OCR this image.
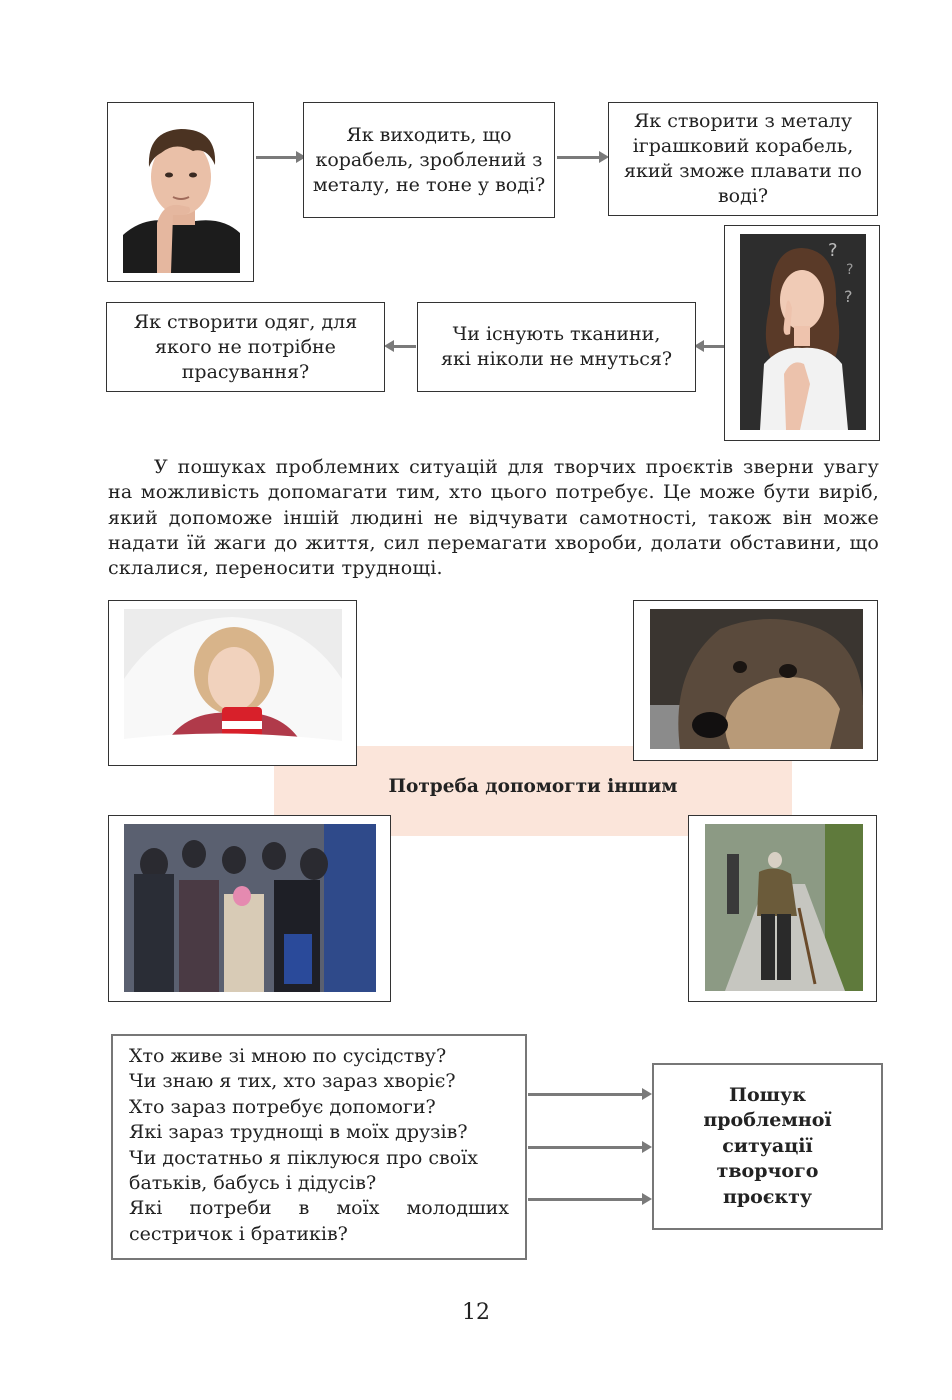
Як виходить, що корабель, зроблений з металу, не тоне у воді?
Як створити з металу іграшковий корабель, який зможе плавати по воді?
?
?
?
Чи існують тканини, які ніколи не мнуться?
Як створити одяг, для якого не потрібне прасування?
У пошуках проблемних ситуацій для творчих проєктів зверни увагу на можливість допомагати тим, хто цього потребує. Це може бути виріб, який допоможе іншій людині не відчувати самотності, також він може надати їй жаги до життя, сил перемагати хвороби, долати обставини, що склалися, переносити труднощі.
Потреба допомогти іншим
Хто живе зі мною по сусідству?
Чи знаю я тих, хто зараз хворіє?
Хто зараз потребує допомоги?
Які зараз труднощі в моїх друзів?
Чи достатньо я піклуюся про своїх
батьків, бабусь і дідусів?
Які потреби в моїх молодших
сестричок і братиків?
Пошук проблемної ситуації творчого проєкту
12
